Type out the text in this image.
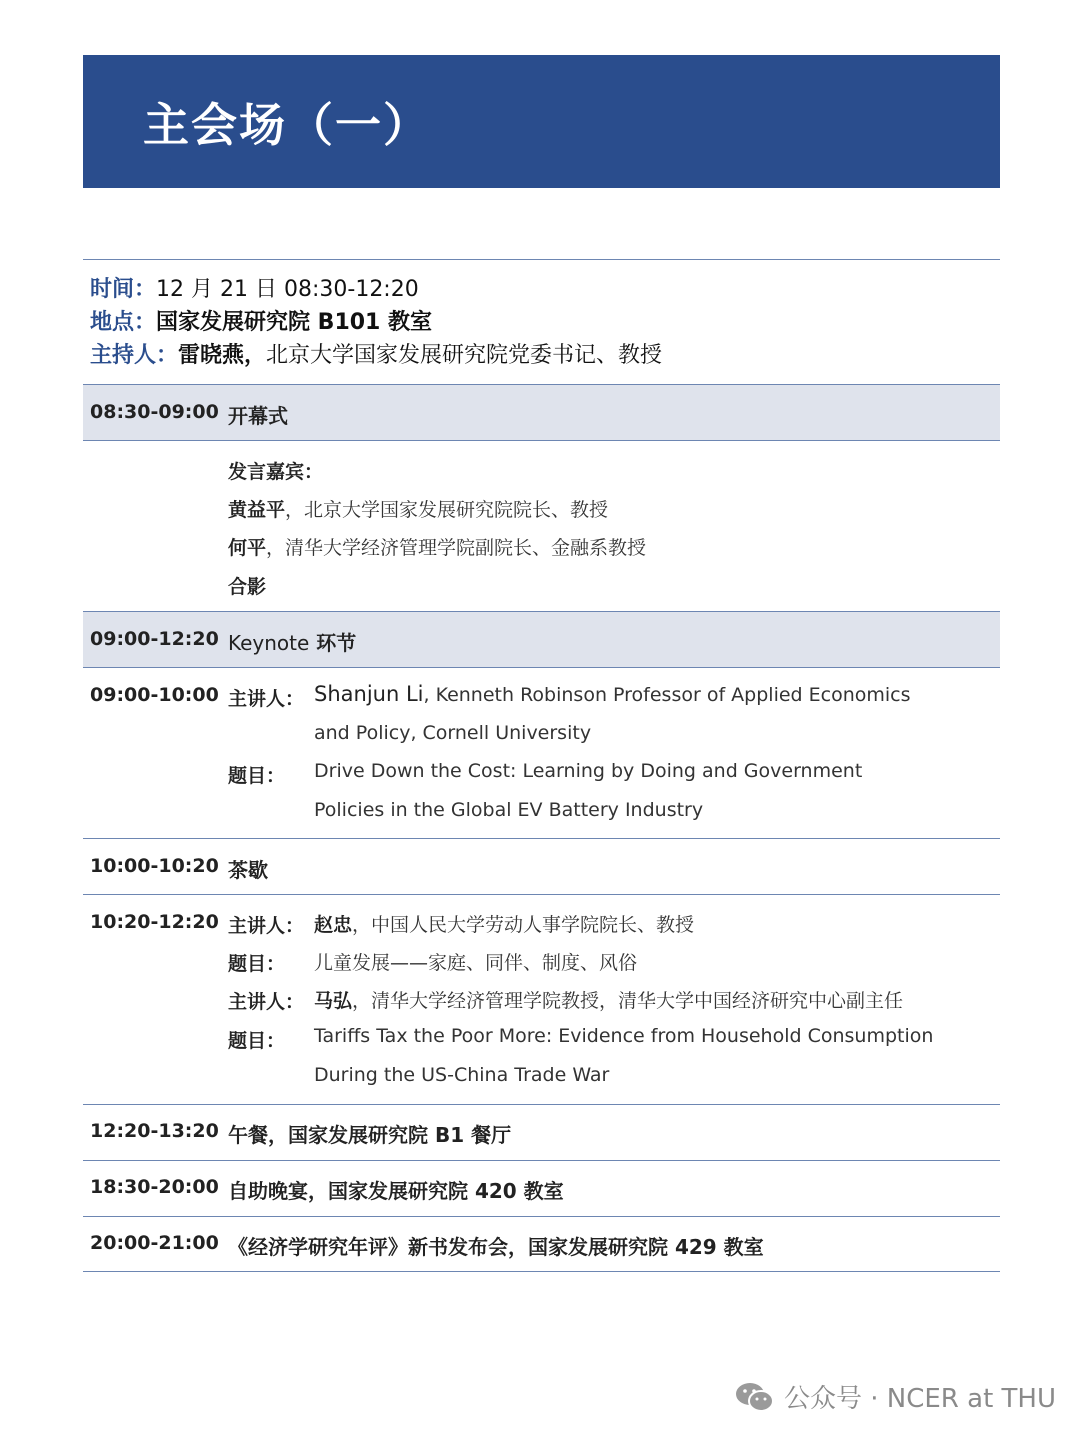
主会场（一）
时间：12 月 21 日 08:30-12:20
地点：国家发展研究院 B101 教室
主持人：雷晓燕，北京大学国家发展研究院党委书记、教授
08:30-09:00 开幕式
发言嘉宾：
黄益平，北京大学国家发展研究院院长、教授
何平，清华大学经济管理学院副院长、金融系教授
合影
09:00-12:20 Keynote 环节
09:00-10:00 主讲人： Shanjun Li, Kenneth Robinson Professor of Applied Economics
and Policy, Cornell University
题目： Drive Down the Cost: Learning by Doing and Government
Policies in the Global EV Battery Industry
10:00-10:20 茶歇
10:20-12:20 主讲人： 赵忠，中国人民大学劳动人事学院院长、教授
题目： 儿童发展——家庭、同伴、制度、风俗
主讲人： 马弘，清华大学经济管理学院教授，清华大学中国经济研究中心副主任
题目： Tariffs Tax the Poor More: Evidence from Household Consumption
During the US-China Trade War
12:20-13:20 午餐，国家发展研究院 B1 餐厅
18:30-20:00 自助晚宴，国家发展研究院 420 教室
20:00-21:00 《经济学研究年评》新书发布会，国家发展研究院 429 教室
公众号 · NCER at THU
